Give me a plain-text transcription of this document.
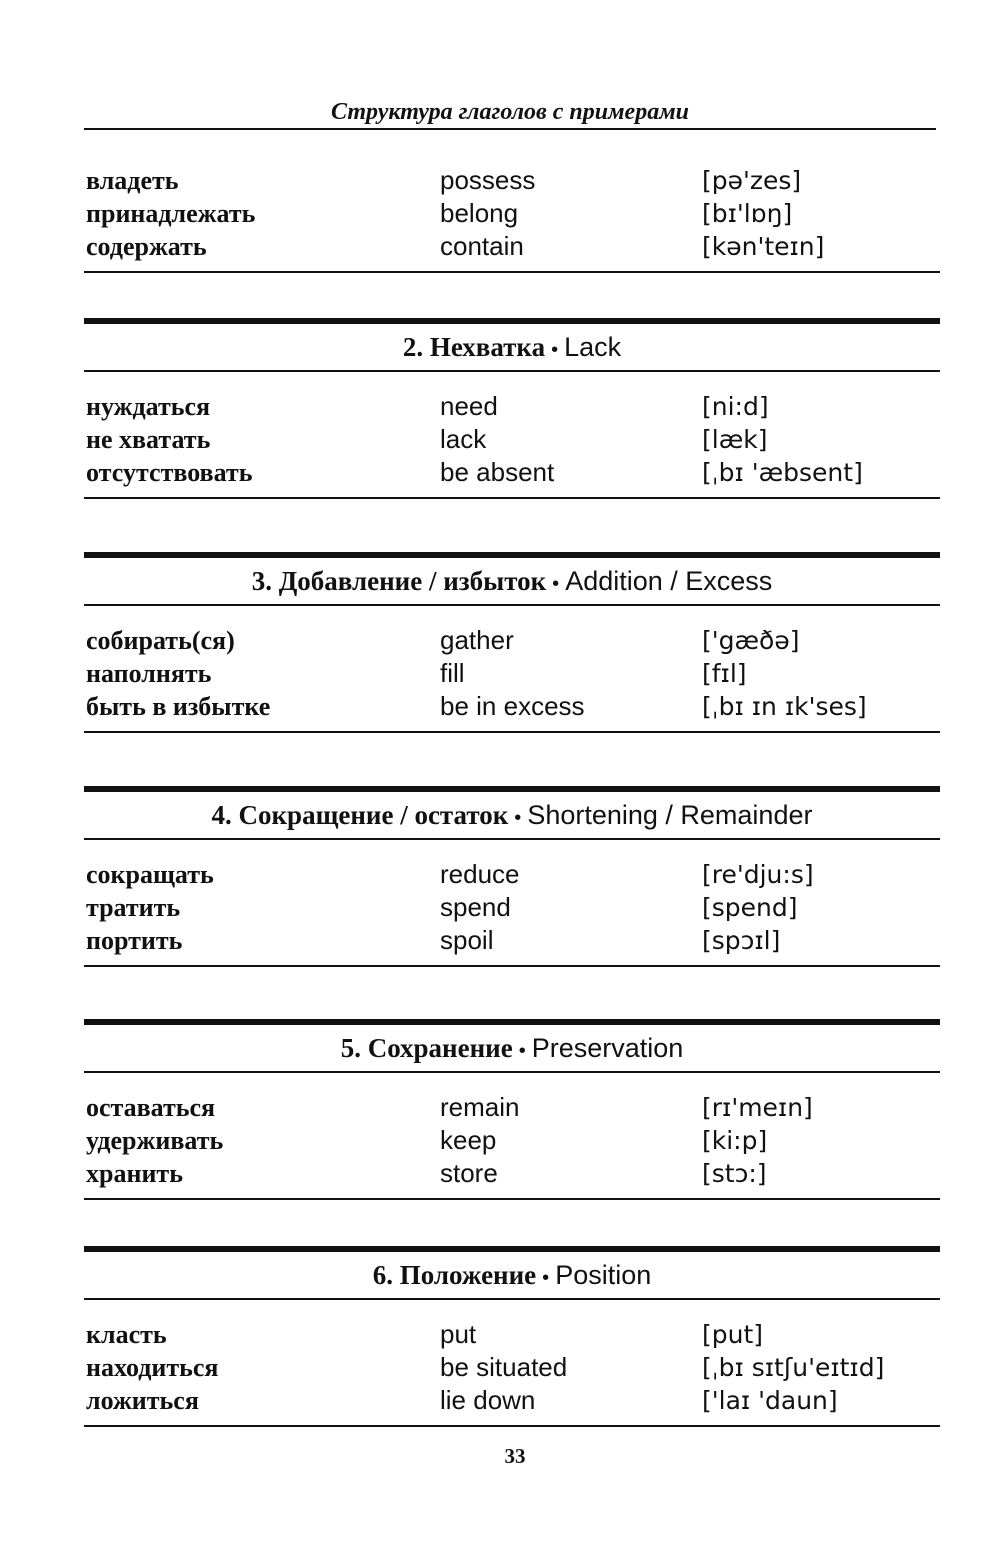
Структура глаголов с примерами
владеть	possess	[pə'zes]
принадлежать	belong	[bɪ'lɒŋ]
содержать	contain	[kən'teɪn]
2. Нехватка • Lack
нуждаться	need	[ni:d]
не хватать	lack	[læk]
отсутствовать	be absent	[ˌbɪ 'æbsent]
3. Добавление / избыток • Addition / Excess
собирать(ся)	gather	['gæðə]
наполнять	fill	[fɪl]
быть в избытке	be in excess	[ˌbɪ ɪn ɪk'ses]
4. Сокращение / остаток • Shortening / Remainder
сокращать	reduce	[re'dju:s]
тратить	spend	[spend]
портить	spoil	[spɔɪl]
5. Сохранение • Preservation
оставаться	remain	[rɪ'meɪn]
удерживать	keep	[ki:p]
хранить	store	[stɔ:]
6. Положение • Position
класть	put	[put]
находиться	be situated	[ˌbɪ sɪtʃu'eɪtɪd]
ложиться	lie down	['laɪ 'daun]
33
